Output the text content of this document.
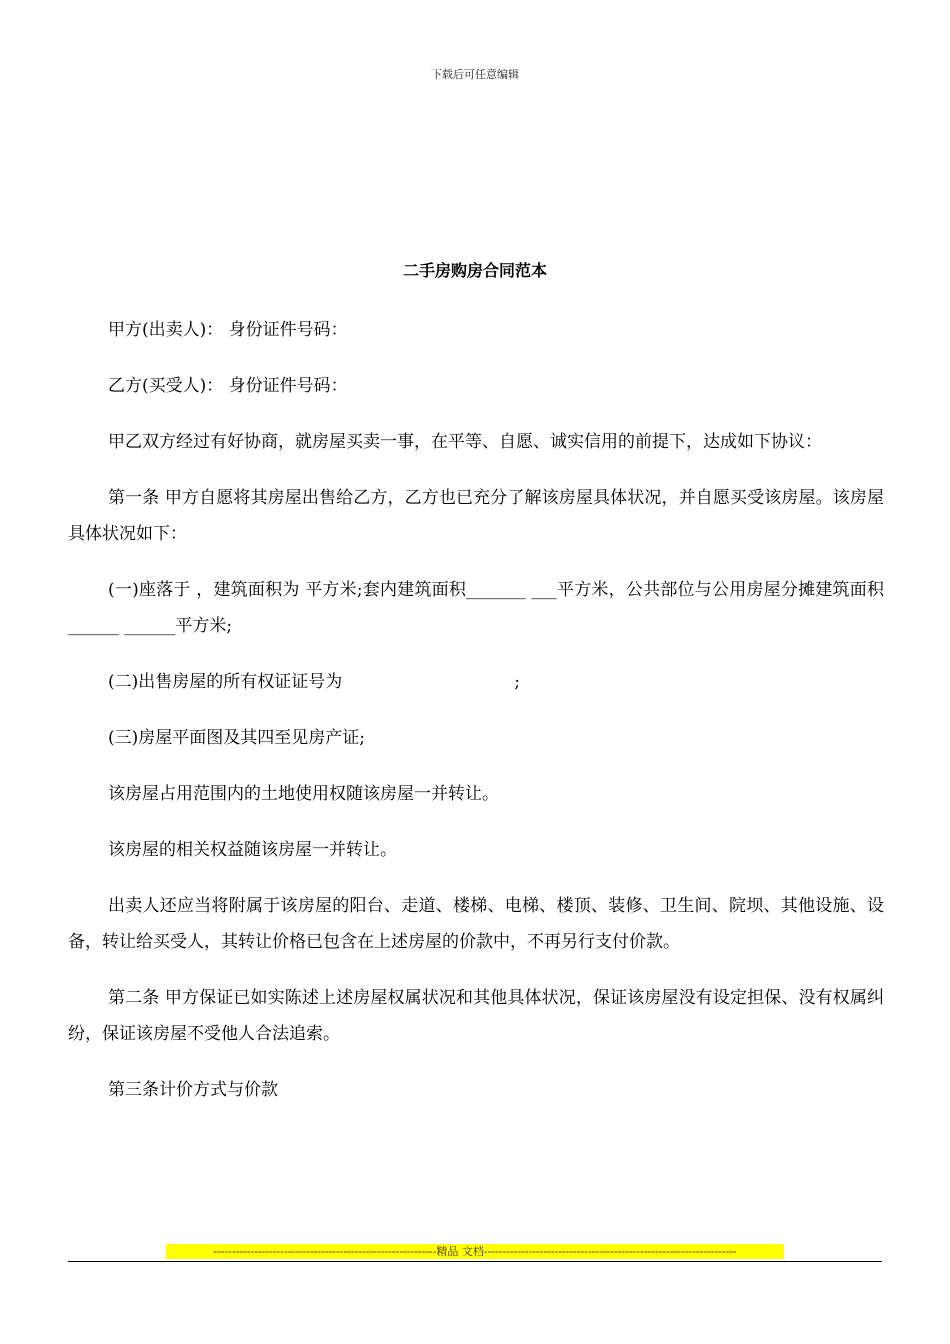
下载后可任意编辑
二手房购房合同范本

甲方(出卖人)： 身份证件号码：

乙方(买受人)： 身份证件号码：

甲乙双方经过有好协商，就房屋买卖一事，在平等、自愿、诚实信用的前提下，达成如下协议：

第一条 甲方自愿将其房屋出售给乙方，乙方也已充分了解该房屋具体状况，并自愿买受该房屋。该房屋具体状况如下：

(一)座落于 ，建筑面积为 平方米;套内建筑面积_______ ___平方米，公共部位与公用房屋分摊建筑面积______ ______平方米;

(二)出售房屋的所有权证证号为	;

(三)房屋平面图及其四至见房产证;

该房屋占用范围内的土地使用权随该房屋一并转让。

该房屋的相关权益随该房屋一并转让。

出卖人还应当将附属于该房屋的阳台、走道、楼梯、电梯、楼顶、装修、卫生间、院坝、其他设施、设备，转让给买受人，其转让价格已包含在上述房屋的价款中，不再另行支付价款。

第二条 甲方保证已如实陈述上述房屋权属状况和其他具体状况，保证该房屋没有设定担保、没有权属纠纷，保证该房屋不受他人合法追索。

第三条计价方式与价款

------------------------------------------------------------精品 文档--------------------------------------------------------------------
